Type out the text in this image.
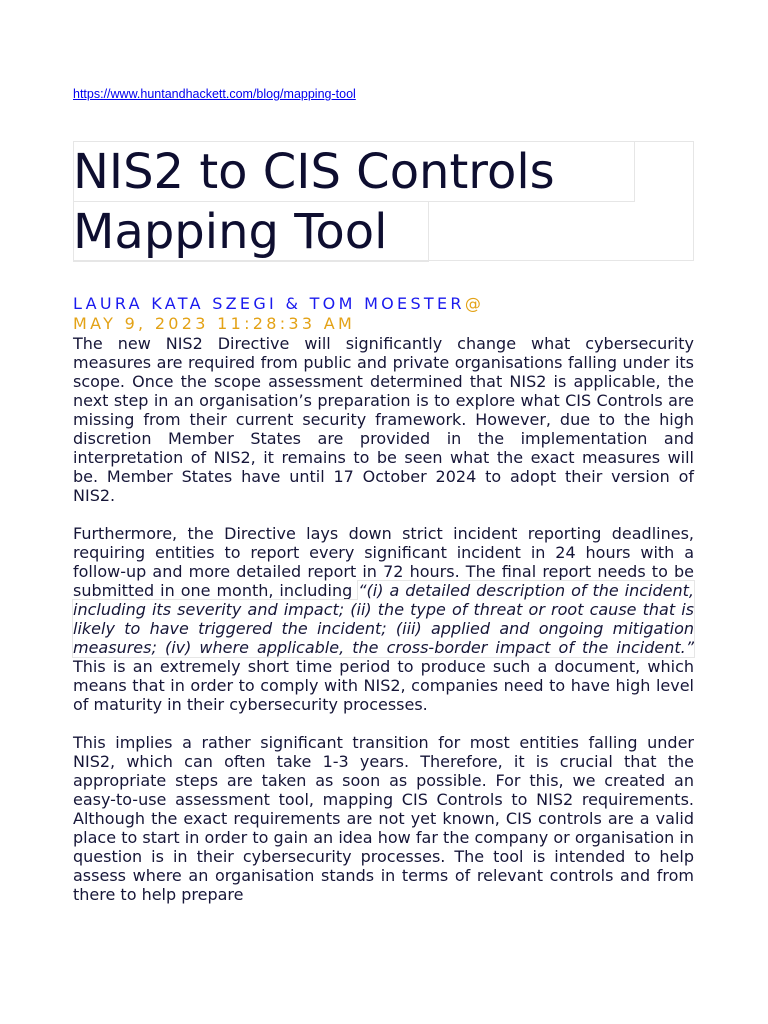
https://www.huntandhackett.com/blog/mapping-tool
NIS2 to CIS Controls
Mapping Tool
LAURA KATA SZEGI & TOM MOESTER@
MAY 9, 2023 11:28:33 AM

The new NIS2 Directive will significantly change what cybersecurity measures are required from public and private organisations falling under its scope. Once the scope assessment determined that NIS2 is applicable, the next step in an organisation’s preparation is to explore what CIS Controls are missing from their current security framework. However, due to the high discretion Member States are provided in the implementation and interpretation of NIS2, it remains to be seen what the exact measures will be. Member States have until 17 October 2024 to adopt their version of NIS2.

Furthermore, the Directive lays down strict incident reporting deadlines, requiring entities to report every significant incident in 24 hours with a follow-up and more detailed report in 72 hours. The final report needs to be submitted in one month, including “(i) a detailed description of the incident, including its severity and impact; (ii) the type of threat or root cause that is likely to have triggered the incident; (iii) applied and ongoing mitigation measures; (iv) where applicable, the cross-border impact of the incident.” This is an extremely short time period to produce such a document, which means that in order to comply with NIS2, companies need to have high level of maturity in their cybersecurity processes.

This implies a rather significant transition for most entities falling under NIS2, which can often take 1-3 years. Therefore, it is crucial that the appropriate steps are taken as soon as possible. For this, we created an easy-to-use assessment tool, mapping CIS Controls to NIS2 requirements. Although the exact requirements are not yet known, CIS controls are a valid place to start in order to gain an idea how far the company or organisation in question is in their cybersecurity processes. The tool is intended to help assess where an organisation stands in terms of relevant controls and from there to help prepare
